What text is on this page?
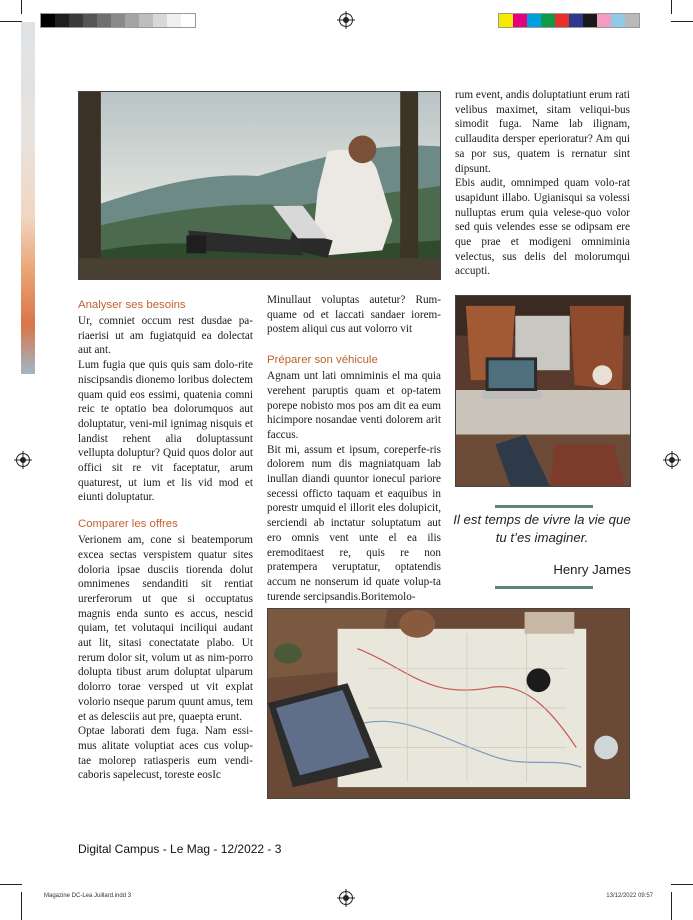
rum event, andis doluptatiunt erum rati velibus maximet, sitam veliqui-bus simodit fuga. Name lab ilignam, cullaudita dersper eperioratur? Am qui sa por sus, quatem is rernatur sint dipsunt.

Ebis audit, omnimped quam volo-rat usapidunt illabo. Ugianisqui sa volessi nulluptas erum quia velese-quo volor sed quis velendes esse se odipsam ere que prae et modigeni omniminia velectus, sus delis del molorumqui accupti.

Analyser ses besoins

Ur, comniet occum rest dusdae pa-riaerisi ut am fugiatquid ea dolectat aut ant.

Lum fugia que quis quis sam dolo-rite niscipsandis dionemo loribus dolectem quam quid eos essimi, quatenia comni reic te optatio bea dolorumquos aut doluptatur, veni-mil ignimag nisquis et landist rehent alia doluptassunt vellupta doluptur? Quid quos dolor aut offici sit re vit faceptatur, arum quaturest, ut ium et lis vid mod et eiunti doluptatur.

Comparer les offres

Verionem am, cone si beatemporum excea sectas verspistem quatur sites doloria ipsae dusciis tiorenda dolut omnimenes sendanditi sit rentiat urerferorum ut que si occuptatus magnis enda sunto es accus, nescid quiam, tet volutaqui inciliqui audant aut lit, sitasi conectatate plabo. Ut rerum dolor sit, volum ut as nim-porro dolupta tibust arum doluptat ulparum dolorro torae versped ut vit explat volorio nseque parum quunt amus, tem et as delesciis aut pre, quaepta erunt.

Optae laborati dem fuga. Nam essi-mus alitate voluptiat aces cus volup-tae molorep ratiasperis eum vendi-caboris sapelecust, toreste eosIc

Minullaut voluptas autetur? Rum-quame od et laccati sandaer iorem-postem aliqui cus aut volorro vit

Préparer son véhicule

Agnam unt lati omniminis el ma quia verehent paruptis quam et op-tatem porepe nobisto mos pos am dit ea eum hicimpore nosandae venti dolorem arit faccus.

Bit mi, assum et ipsum, coreperfe-ris dolorem num dis magniatquam lab inullan diandi quuntor ionecul pariore secessi officto taquam et eaquibus in porestr umquid el illorit eles dolupicit, serciendi ab inctatur soluptatum aut ero omnis vent unte el ea ilis eremoditaest re, quis re non pratempera veruptatur, optatendis accum ne nonserum id quate volup-ta turende sercipsandis.Boritemolo-

Il est temps de vivre la vie que tu t’es imaginer.
Henry James
Digital Campus - Le Mag - 12/2022 - 3
Magazine DC-Lea Juillard.indd 3	13/12/2022 09:57
